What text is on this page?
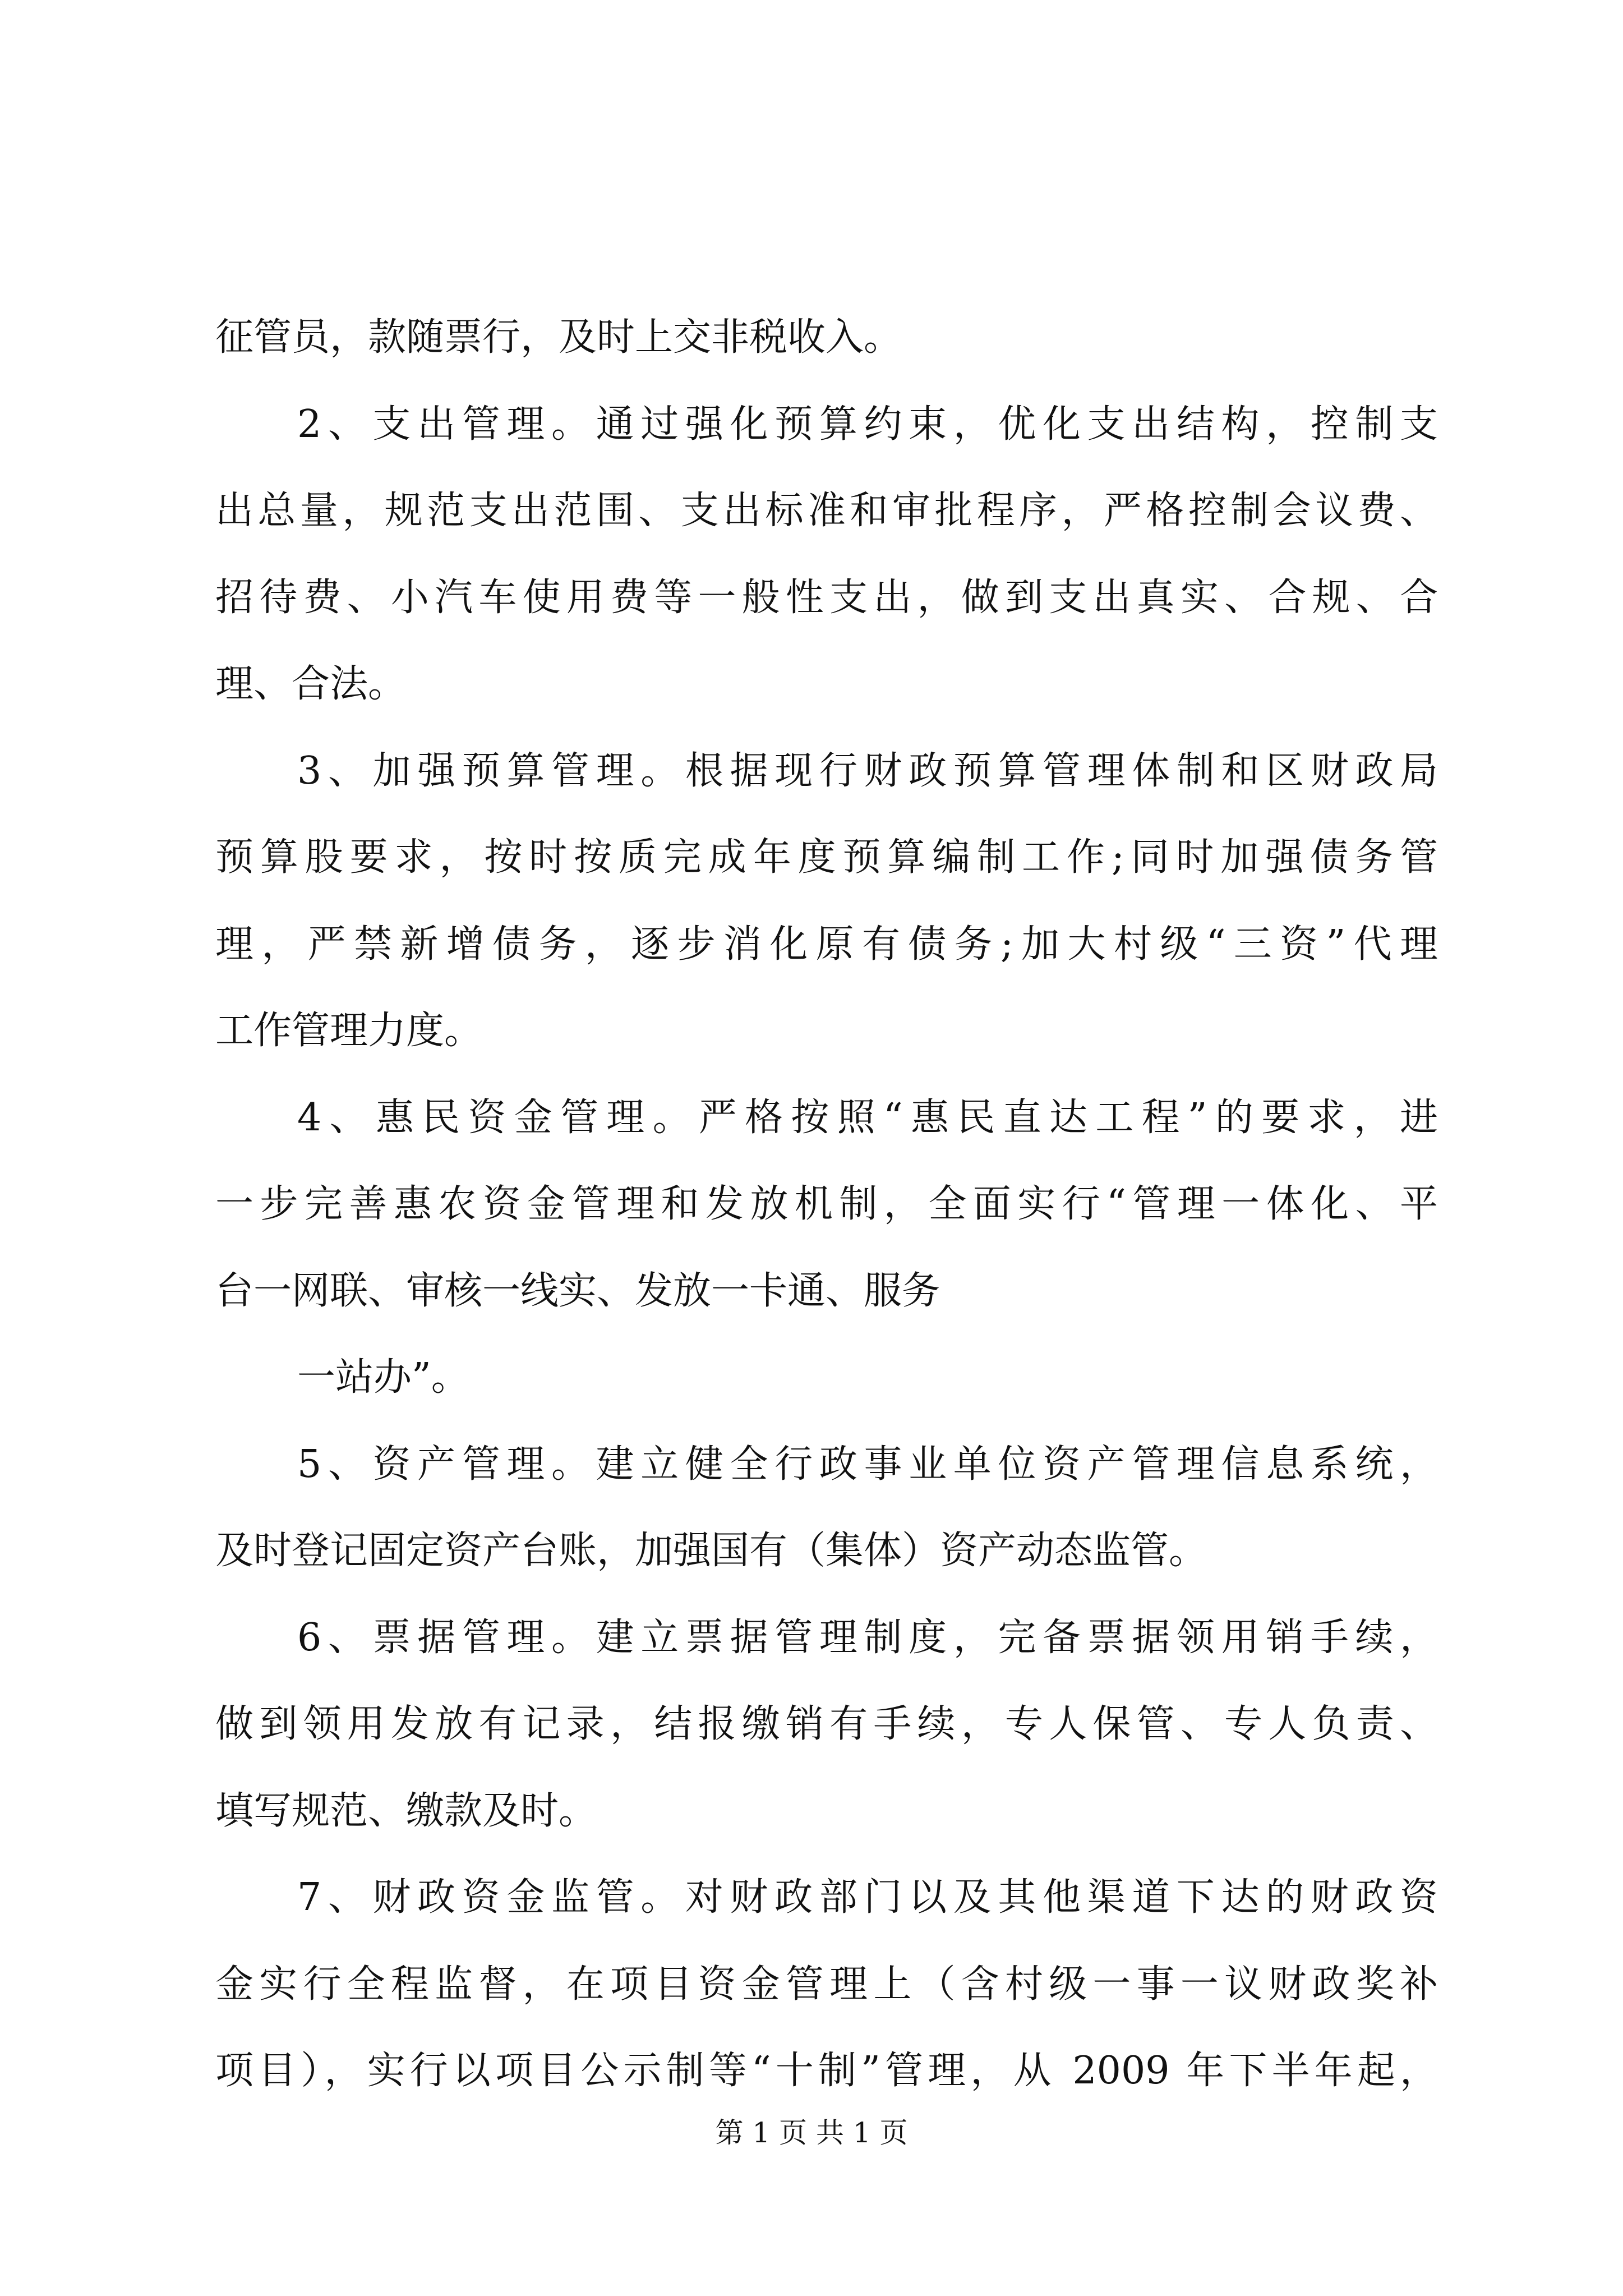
征管员，款随票行，及时上交非税收入。
2、支出管理。通过强化预算约束，优化支出结构，控制支
出总量，规范支出范围、支出标准和审批程序，严格控制会议费、
招待费、小汽车使用费等一般性支出，做到支出真实、合规、合
理、合法。
3、加强预算管理。根据现行财政预算管理体制和区财政局
预算股要求，按时按质完成年度预算编制工作;同时加强债务管
理，严禁新增债务，逐步消化原有债务;加大村级“三资”代理
工作管理力度。
4、惠民资金管理。严格按照“惠民直达工程”的要求，进
一步完善惠农资金管理和发放机制，全面实行“管理一体化、平
台一网联、审核一线实、发放一卡通、服务
一站办”。
5、资产管理。建立健全行政事业单位资产管理信息系统，
及时登记固定资产台账，加强国有（集体）资产动态监管。
6、票据管理。建立票据管理制度，完备票据领用销手续，
做到领用发放有记录，结报缴销有手续，专人保管、专人负责、
填写规范、缴款及时。
7、财政资金监管。对财政部门以及其他渠道下达的财政资
金实行全程监督，在项目资金管理上（含村级一事一议财政奖补
项目），实行以项目公示制等“十制”管理，从 2009 年下半年起，
第 1 页 共 1 页
